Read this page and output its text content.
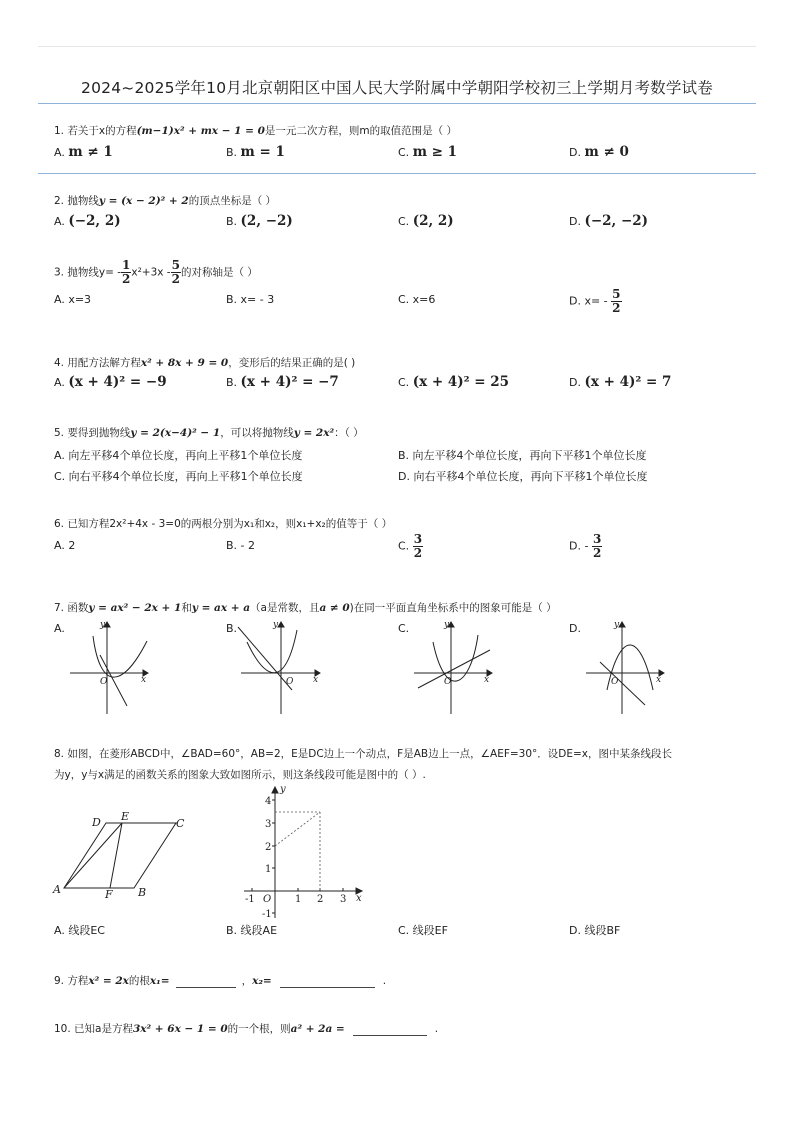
2024~2025学年10月北京朝阳区中国人民大学附属中学朝阳学校初三上学期月考数学试卷
1. 若关于x的方程(m−1)x² + mx − 1 = 0是一元二次方程，则m的取值范围是（ ）
A. m ≠ 1	B. m = 1	C. m ≥ 1	D. m ≠ 0
2. 抛物线y = (x − 2)² + 2的顶点坐标是（ ）
A. (−2, 2)	B. (2, −2)	C. (2, 2)	D. (−2, −2)
3. 抛物线$y= - \frac{1}{2} x^2+3x - \frac{5}{2}$ 的对称轴是（ ）
A. x=3	B. x= - 3	C. x=6	D. $x= - \frac{5}{2}$
4. 用配方法解方程x² + 8x + 9 = 0，变形后的结果正确的是( )
A. (x + 4)² = −9	B. (x + 4)² = −7	C. (x + 4)² = 25	D. (x + 4)² = 7
5. 要得到抛物线y = 2(x−4)² − 1，可以将抛物线y = 2x²：（ ）
A. 向左平移4个单位长度，再向上平移1个单位长度	B. 向左平移4个单位长度，再向下平移1个单位长度
C. 向右平移4个单位长度，再向上平移1个单位长度	D. 向右平移4个单位长度，再向下平移1个单位长度
6. 已知方程2x²+4x - 3=0的两根分别为x₁和x₂，则x₁+x₂的值等于（ ）
A. 2	B. - 2	C. $\frac{3}{2}$	D. - $\frac{3}{2}$
7. 函数y = ax² − 2x + 1和y = ax + a（a是常数，且a ≠ 0)在同一平面直角坐标系中的图象可能是（ ）
A.	B.	C.	D.
O	x
y
O x
y
O	x
y
O	x
y
8. 如图，在菱形ABCD中，∠BAD=60°，AB=2，E是DC边上一个动点，F是AB边上一点，∠AEF=30°．设DE=x，图中某条线段长
为y，y与x满足的函数关系的图象大致如图所示，则这条线段可能是图中的（ ）.
A	B
C
D E
F
y
x
O
4
3
2
1
-1
-1	1 2 3
A. 线段EC	B. 线段AE	C. 线段EF	D. 线段BF
9. 方程x² = 2x的根x₁=	，x₂=	.
10. 已知a是方程3x² + 6x − 1 = 0的一个根，则a² + 2a =	.
